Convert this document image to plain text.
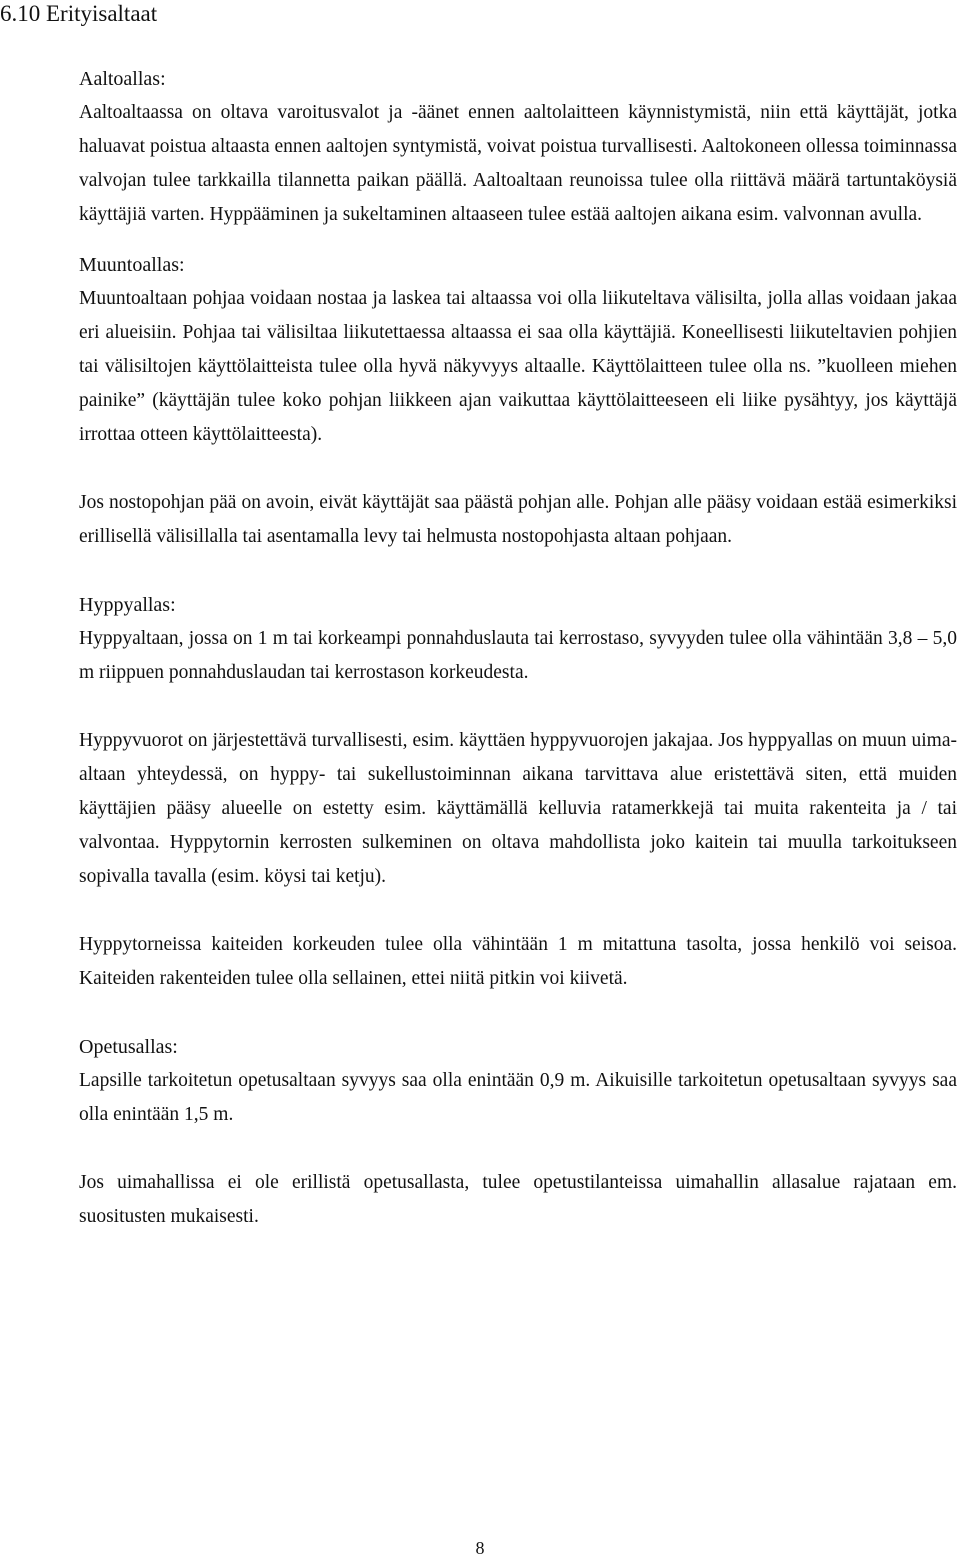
6.10 Erityisaltaat
Aaltoallas:

Aaltoaltaassa on oltava varoitusvalot ja -äänet ennen aaltolaitteen käynnistymistä, niin että käyttäjät, jotka haluavat poistua altaasta ennen aaltojen syntymistä, voivat poistua turvallisesti. Aaltokoneen ollessa toiminnassa valvojan tulee tarkkailla tilannetta paikan päällä. Aaltoaltaan reunoissa tulee olla riittävä määrä tartuntaköysiä käyttäjiä varten. Hyppääminen ja sukeltaminen altaaseen tulee estää aaltojen aikana esim. valvonnan avulla.

Muuntoallas:

Muuntoaltaan pohjaa voidaan nostaa ja laskea tai altaassa voi olla liikuteltava välisilta, jolla allas voidaan jakaa eri alueisiin. Pohjaa tai välisiltaa liikutettaessa altaassa ei saa olla käyttäjiä. Koneellisesti liikuteltavien pohjien tai välisiltojen käyttölaitteista tulee olla hyvä näkyvyys altaalle. Käyttölaitteen tulee olla ns. ”kuolleen miehen painike” (käyttäjän tulee koko pohjan liikkeen ajan vaikuttaa käyttölaitteeseen eli liike pysähtyy, jos käyttäjä irrottaa otteen käyttölaitteesta).

Jos nostopohjan pää on avoin, eivät käyttäjät saa päästä pohjan alle. Pohjan alle pääsy voidaan estää esimerkiksi erillisellä välisillalla tai asentamalla levy tai helmusta nostopohjasta altaan pohjaan.

Hyppyallas:

Hyppyaltaan, jossa on 1 m tai korkeampi ponnahduslauta tai kerrostaso, syvyyden tulee olla vähintään 3,8 – 5,0 m riippuen ponnahduslaudan tai kerrostason korkeudesta.

Hyppyvuorot on järjestettävä turvallisesti, esim. käyttäen hyppyvuorojen jakajaa. Jos hyppyallas on muun uima-altaan yhteydessä, on hyppy- tai sukellustoiminnan aikana tarvittava alue eristettävä siten, että muiden käyttäjien pääsy alueelle on estetty esim. käyttämällä kelluvia ratamerkkejä tai muita rakenteita ja / tai valvontaa. Hyppytornin kerrosten sulkeminen on oltava mahdollista joko kaitein tai muulla tarkoitukseen sopivalla tavalla (esim. köysi tai ketju).

Hyppytorneissa kaiteiden korkeuden tulee olla vähintään 1 m mitattuna tasolta, jossa henkilö voi seisoa. Kaiteiden rakenteiden tulee olla sellainen, ettei niitä pitkin voi kiivetä.

Opetusallas:

Lapsille tarkoitetun opetusaltaan syvyys saa olla enintään 0,9 m. Aikuisille tarkoitetun opetusaltaan syvyys saa olla enintään 1,5 m.

Jos uimahallissa ei ole erillistä opetusallasta, tulee opetustilanteissa uimahallin allasalue rajataan em. suositusten mukaisesti.

8
